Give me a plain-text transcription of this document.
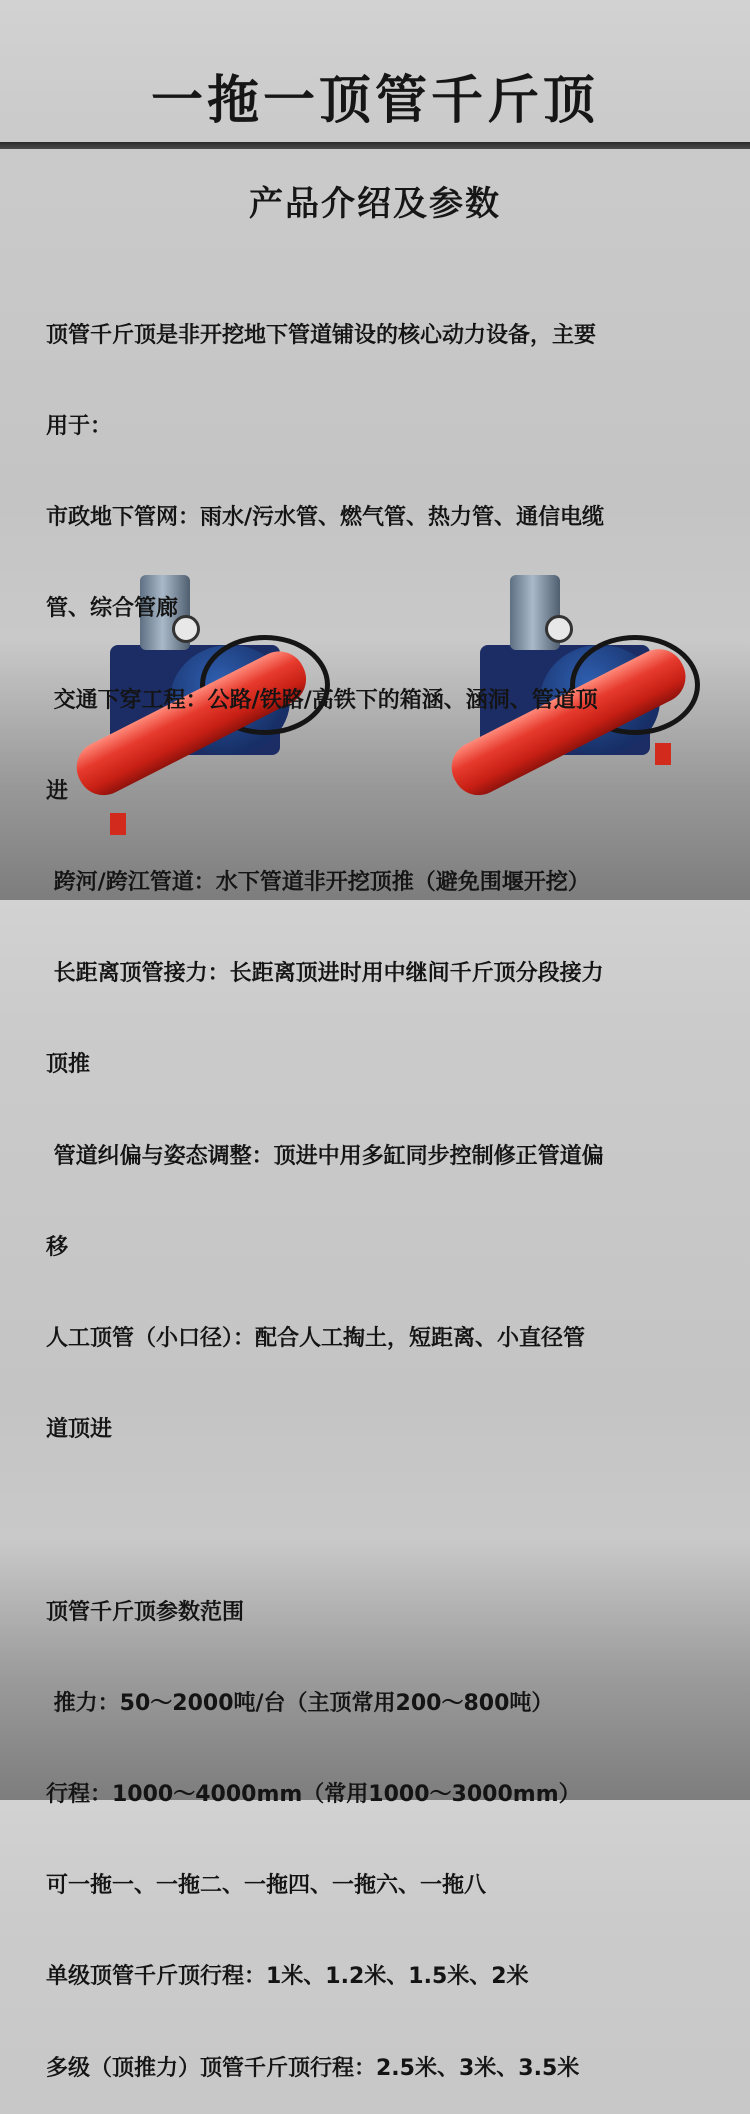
一拖一顶管千斤顶
产品介绍及参数

顶管千斤顶是非开挖地下管道铺设的核心动力设备，主要

用于：

市政地下管网：雨水/污水管、燃气管、热力管、通信电缆

管、综合管廊

交通下穿工程：公路/铁路/高铁下的箱涵、涵洞、管道顶

进

跨河/跨江管道：水下管道非开挖顶推（避免围堰开挖）

长距离顶管接力：长距离顶进时用中继间千斤顶分段接力

顶推

管道纠偏与姿态调整：顶进中用多缸同步控制修正管道偏

移

人工顶管（小口径）：配合人工掏土，短距离、小直径管

道顶进

顶管千斤顶参数范围

推力：50～2000吨/台（主顶常用200～800吨）

行程：1000～4000mm（常用1000～3000mm）

可一拖一、一拖二、一拖四、一拖六、一拖八

单级顶管千斤顶行程：1米、1.2米、1.5米、2米

多级（顶推力）顶管千斤顶行程：2.5米、3米、3.5米
